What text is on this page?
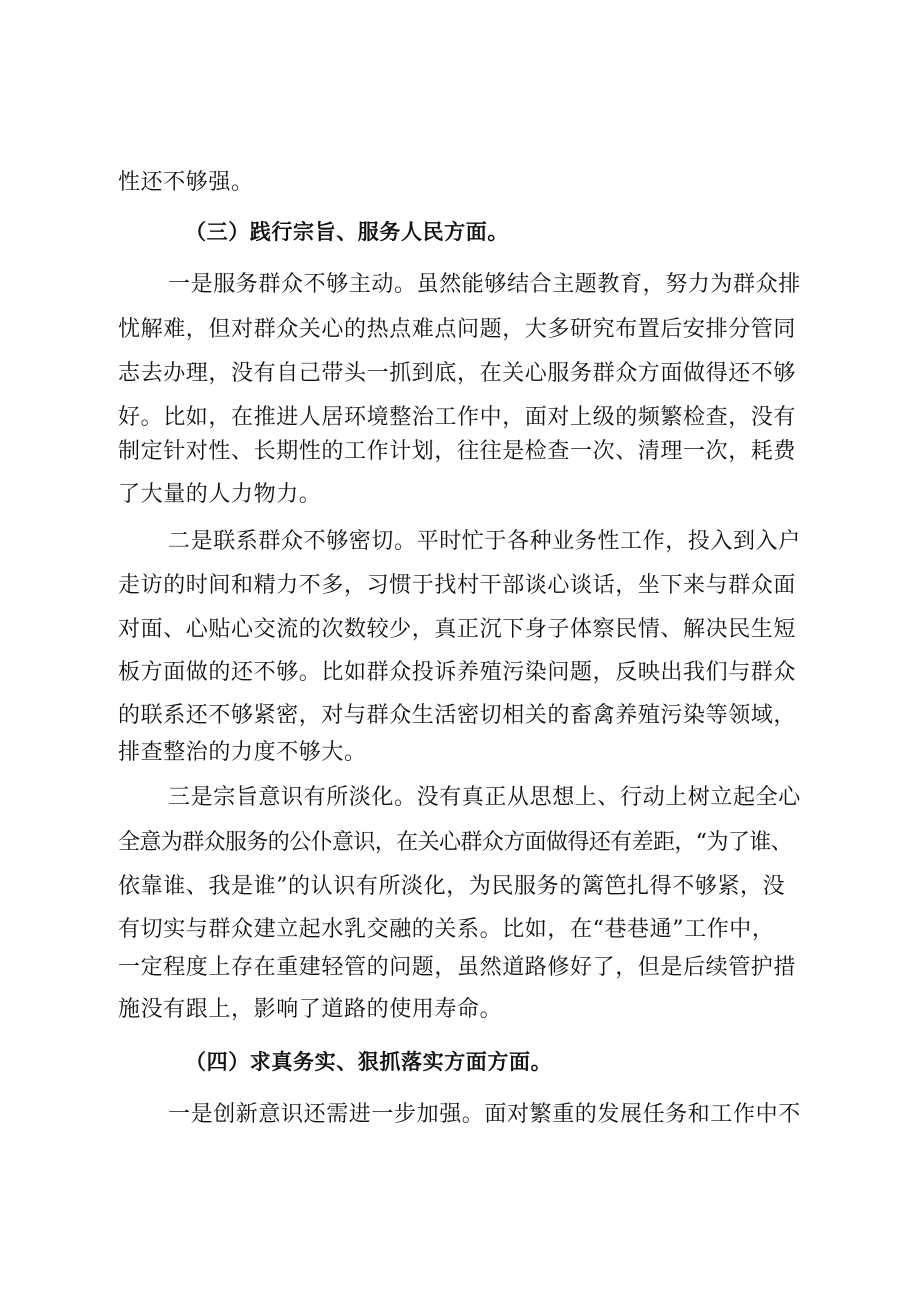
性还不够强。
（三）践行宗旨、服务人民方面。
一是服务群众不够主动。虽然能够结合主题教育，努力为群众排
忧解难，但对群众关心的热点难点问题，大多研究布置后安排分管同
志去办理，没有自己带头一抓到底，在关心服务群众方面做得还不够
好。比如，在推进人居环境整治工作中，面对上级的频繁检查，没有
制定针对性、长期性的工作计划，往往是检查一次、清理一次，耗费
了大量的人力物力。
二是联系群众不够密切。平时忙于各种业务性工作，投入到入户
走访的时间和精力不多，习惯于找村干部谈心谈话，坐下来与群众面
对面、心贴心交流的次数较少，真正沉下身子体察民情、解决民生短
板方面做的还不够。比如群众投诉养殖污染问题，反映出我们与群众
的联系还不够紧密，对与群众生活密切相关的畜禽养殖污染等领域，
排查整治的力度不够大。
三是宗旨意识有所淡化。没有真正从思想上、行动上树立起全心
全意为群众服务的公仆意识，在关心群众方面做得还有差距，“为了谁、
依靠谁、我是谁”的认识有所淡化，为民服务的篱笆扎得不够紧，没
有切实与群众建立起水乳交融的关系。比如，在“巷巷通”工作中，
一定程度上存在重建轻管的问题，虽然道路修好了，但是后续管护措
施没有跟上，影响了道路的使用寿命。
（四）求真务实、狠抓落实方面方面。
一是创新意识还需进一步加强。面对繁重的发展任务和工作中不
